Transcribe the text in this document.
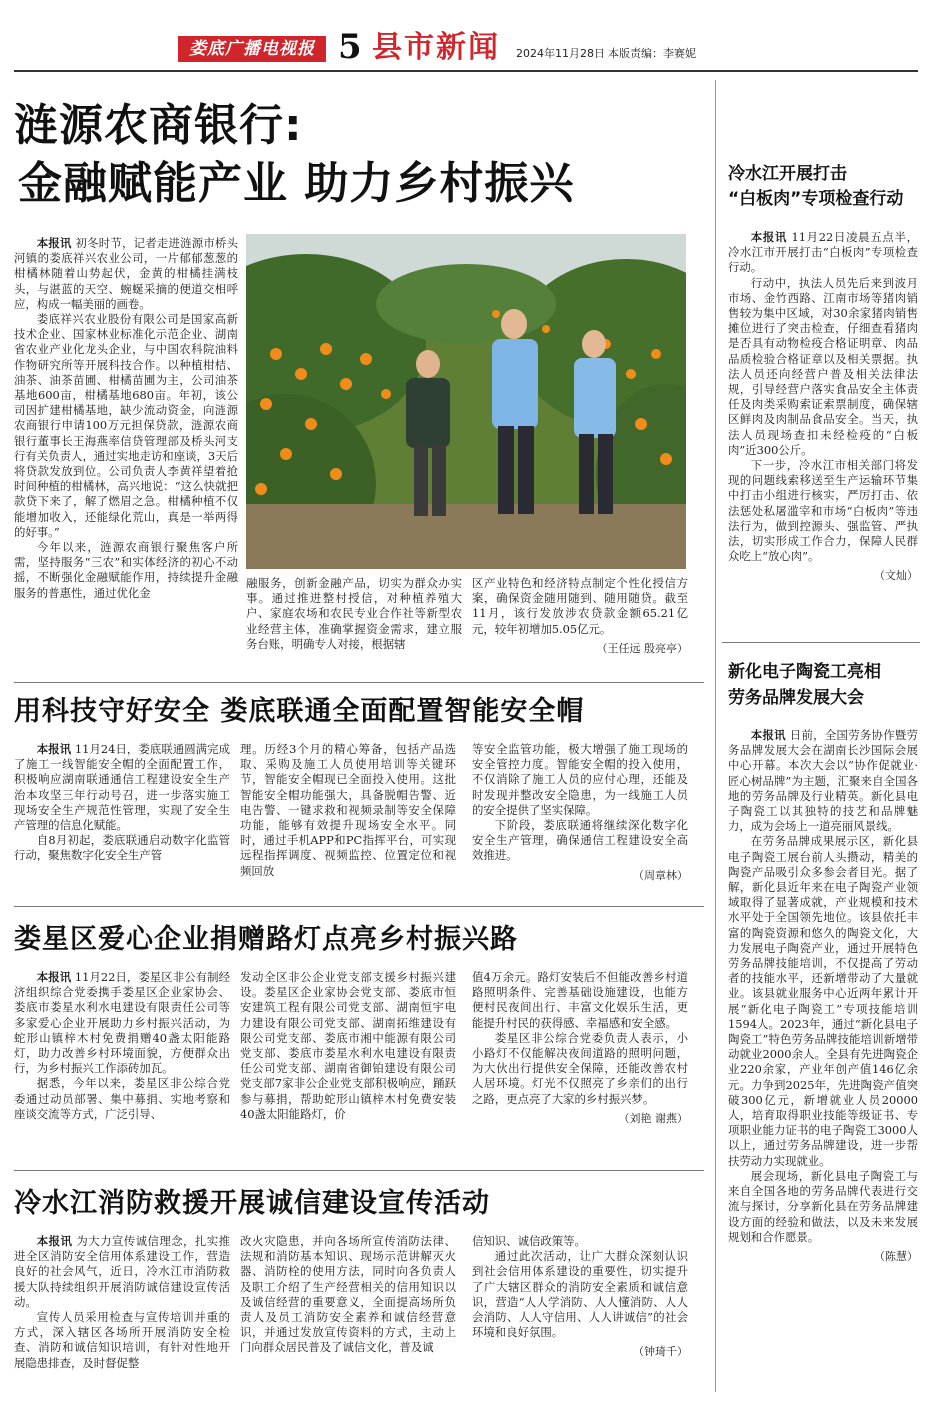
娄底广播电视报 5 县市新闻 2024年11月28日 本版责编：李赛妮
涟源农商银行:
金融赋能产业 助力乡村振兴

本报讯 初冬时节，记者走进涟源市桥头河镇的娄底祥兴农业公司，一片郁郁葱葱的柑橘林随着山势起伏，金黄的柑橘挂满枝头，与湛蓝的天空、蜿蜒采摘的便道交相呼应，构成一幅美丽的画卷。

娄底祥兴农业股份有限公司是国家高新技术企业、国家林业标准化示范企业、湖南省农业产业化龙头企业，与中国农科院油料作物研究所等开展科技合作。以种植柑桔、油茶、油茶苗圃、柑橘苗圃为主，公司油茶基地600亩，柑橘基地680亩。年初，该公司因扩建柑橘基地，缺少流动资金，向涟源农商银行申请100万元担保贷款，涟源农商银行董事长王海燕率信贷管理部及桥头河支行有关负责人，通过实地走访和座谈，3天后将贷款发放到位。公司负责人李黄祥望着抢时间种植的柑橘林，高兴地说：“这么快就把款贷下来了，解了燃眉之急。柑橘种植不仅能增加收入，还能绿化荒山，真是一举两得的好事。”

今年以来，涟源农商银行聚焦客户所需，坚持服务“三农”和实体经济的初心不动摇，不断强化金融赋能作用，持续提升金融服务的普惠性，通过优化金

融服务，创新金融产品，切实为群众办实事。通过推进整村授信，对种植养殖大户、家庭农场和农民专业合作社等新型农业经营主体，准确掌握资金需求，建立服务台账，明确专人对接，根据辖

区产业特色和经济特点制定个性化授信方案，确保资金随用随到、随用随贷。截至11月，该行发放涉农贷款金额65.21亿元，较年初增加5.05亿元。

（王任远 殷亮亭）
用科技守好安全 娄底联通全面配置智能安全帽

本报讯 11月24日，娄底联通圆满完成了施工一线智能安全帽的全面配置工作，积极响应湖南联通通信工程建设安全生产治本攻坚三年行动号召，进一步落实施工现场安全生产规范性管理，实现了安全生产管理的信息化赋能。

自8月初起，娄底联通启动数字化监管行动，聚焦数字化安全生产管

理。历经3个月的精心筹备，包括产品选取、采购及施工人员使用培训等关键环节，智能安全帽现已全面投入使用。这批智能安全帽功能强大，具备脱帽告警、近电告警、一键求救和视频录制等安全保障功能，能够有效提升现场安全水平。同时，通过手机APP和PC指挥平台，可实现远程指挥调度、视频监控、位置定位和视频回放

等安全监管功能，极大增强了施工现场的安全管控力度。智能安全帽的投入使用，不仅消除了施工人员的应付心理，还能及时发现并整改安全隐患，为一线施工人员的安全提供了坚实保障。

下阶段，娄底联通将继续深化数字化安全生产管理，确保通信工程建设安全高效推进。

（周章林）
娄星区爱心企业捐赠路灯点亮乡村振兴路

本报讯 11月22日，娄星区非公有制经济组织综合党委携手娄星区企业家协会、娄底市娄星水利水电建设有限责任公司等多家爱心企业开展助力乡村振兴活动，为蛇形山镇梓木村免费捐赠40盏太阳能路灯，助力改善乡村环境面貌，方便群众出行，为乡村振兴工作添砖加瓦。

据悉，今年以来，娄星区非公综合党委通过动员部署、集中募捐、实地考察和座谈交流等方式，广泛引导、

发动全区非公企业党支部支援乡村振兴建设。娄星区企业家协会党支部、娄底市恒安建筑工程有限公司党支部、湖南恒宇电力建设有限公司党支部、湖南拓维建设有限公司党支部、娄底市湘中能源有限公司党支部、娄底市娄星水利水电建设有限责任公司党支部、湖南省御铂建设有限公司党支部7家非公企业党支部积极响应，踊跃参与募捐，帮助蛇形山镇梓木村免费安装40盏太阳能路灯，价

值4万余元。路灯安装后不但能改善乡村道路照明条件、完善基础设施建设，也能方便村民夜间出行、丰富文化娱乐生活，更能提升村民的获得感、幸福感和安全感。

娄星区非公综合党委负责人表示，小小路灯不仅能解决夜间道路的照明问题，为大伙出行提供安全保障，还能改善农村人居环境。灯光不仅照亮了乡亲们的出行之路，更点亮了大家的乡村振兴梦。

（刘艳 谢燕）
冷水江消防救援开展诚信建设宣传活动

本报讯 为大力宣传诚信理念，扎实推进全区消防安全信用体系建设工作，营造良好的社会风气，近日，冷水江市消防救援大队持续组织开展消防诚信建设宣传活动。

宣传人员采用检查与宣传培训并重的方式，深入辖区各场所开展消防安全检查、消防和诚信知识培训，有针对性地开展隐患排查，及时督促整

改火灾隐患，并向各场所宣传消防法律、法规和消防基本知识、现场示范讲解灭火器、消防栓的使用方法，同时向各负责人及职工介绍了生产经营相关的信用知识以及诚信经营的重要意义，全面提高场所负责人及员工消防安全素养和诚信经营意识，并通过发放宣传资料的方式，主动上门向群众居民普及了诚信文化，普及诚

信知识、诚信政策等。

通过此次活动，让广大群众深刻认识到社会信用体系建设的重要性，切实提升了广大辖区群众的消防安全素质和诚信意识，营造“人人学消防、人人懂消防、人人会消防、人人守信用、人人讲诚信”的社会环境和良好氛围。

（钟琦千）
冷水江开展打击
“白板肉”专项检查行动

本报讯 11月22日凌晨五点半，冷水江市开展打击“白板肉”专项检查行动。

行动中，执法人员先后来到波月市场、金竹西路、江南市场等猪肉销售较为集中区域，对30余家猪肉销售摊位进行了突击检查，仔细查看猪肉是否具有动物检疫合格证明章、肉品品质检验合格证章以及相关票据。执法人员还向经营户普及相关法律法规，引导经营户落实食品安全主体责任及肉类采购索证索票制度，确保辖区鲜肉及肉制品食品安全。当天，执法人员现场查扣未经检疫的“白板肉”近300公斤。

下一步，冷水江市相关部门将发现的问题线索移送至生产运输环节集中打击小组进行核实，严厉打击、依法惩处私屠滥宰和市场“白板肉”等违法行为，做到控源头、强监管、严执法，切实形成工作合力，保障人民群众吃上“放心肉”。

（文灿）
新化电子陶瓷工亮相
劳务品牌发展大会

本报讯 日前，全国劳务协作暨劳务品牌发展大会在湖南长沙国际会展中心开幕。本次大会以“协作促就业·匠心树品牌”为主题，汇聚来自全国各地的劳务品牌及行业精英。新化县电子陶瓷工以其独特的技艺和品牌魅力，成为会场上一道亮丽风景线。

在劳务品牌成果展示区，新化县电子陶瓷工展台前人头攒动，精美的陶瓷产品吸引众多参会者目光。据了解，新化县近年来在电子陶瓷产业领域取得了显著成就，产业规模和技术水平处于全国领先地位。该县依托丰富的陶瓷资源和悠久的陶瓷文化，大力发展电子陶瓷产业，通过开展特色劳务品牌技能培训，不仅提高了劳动者的技能水平，还新增带动了大量就业。该县就业服务中心近两年累计开展“新化电子陶瓷工”专项技能培训1594人。2023年，通过“新化县电子陶瓷工”特色劳务品牌技能培训新增带动就业2000余人。全县有先进陶瓷企业220余家，产业年创产值146亿余元。力争到2025年，先进陶瓷产值突破300亿元，新增就业人员20000人，培育取得职业技能等级证书、专项职业能力证书的电子陶瓷工3000人以上，通过劳务品牌建设，进一步帮扶劳动力实现就业。

展会现场，新化县电子陶瓷工与来自全国各地的劳务品牌代表进行交流与探讨，分享新化县在劳务品牌建设方面的经验和做法，以及未来发展规划和合作愿景。

（陈慧）
